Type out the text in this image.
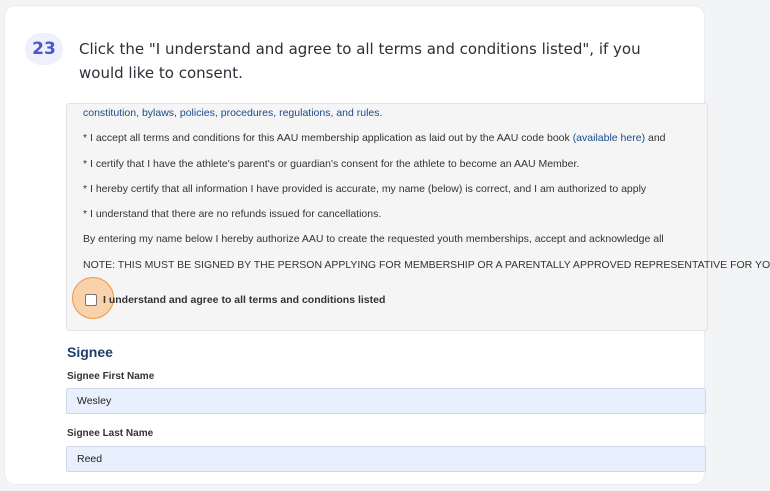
23	Click the "I understand and agree to all terms and conditions listed", if you would like to consent.
constitution, bylaws, policies, procedures, regulations, and rules.
* I accept all terms and conditions for this AAU membership application as laid out by the AAU code book (available here) and
* I certify that I have the athlete's parent's or guardian's consent for the athlete to become an AAU Member.
* I hereby certify that all information I have provided is accurate, my name (below) is correct, and I am authorized to apply
* I understand that there are no refunds issued for cancellations.
By entering my name below I hereby authorize AAU to create the requested youth memberships, accept and acknowledge all
NOTE: THIS MUST BE SIGNED BY THE PERSON APPLYING FOR MEMBERSHIP OR A PARENTALLY APPROVED REPRESENTATIVE FOR YO
I understand and agree to all terms and conditions listed
Signee
Signee First Name
Wesley
Signee Last Name
Reed
